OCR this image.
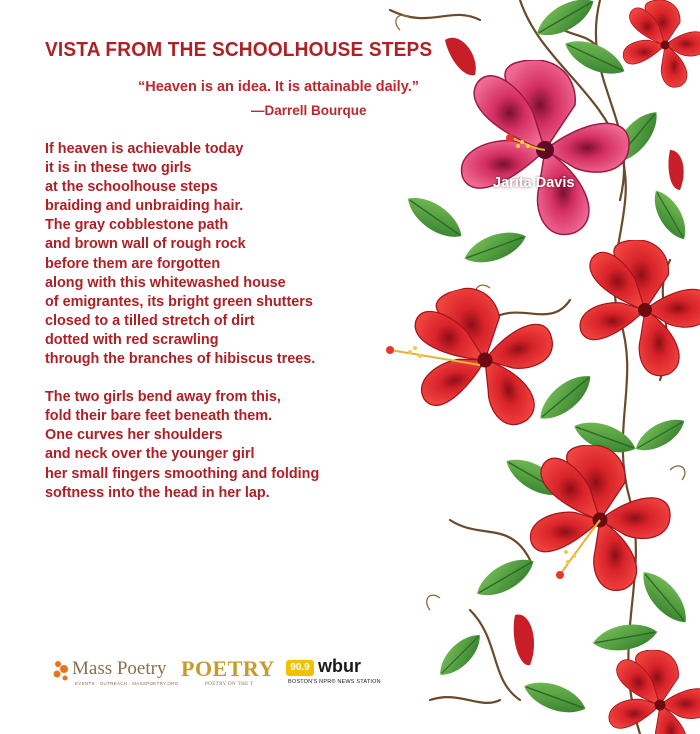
VISTA FROM THE SCHOOLHOUSE STEPS
“Heaven is an idea. It is attainable daily.”
—Darrell Bourque
If heaven is achievable today
it is in these two girls
at the schoolhouse steps
braiding and unbraiding hair.
The gray cobblestone path
and brown wall of rough rock
before them are forgotten
along with this whitewashed house
of emigrantes, its bright green shutters
closed to a tilled stretch of dirt
dotted with red scrawling
through the branches of hibiscus trees.
The two girls bend away from this,
fold their bare feet beneath them.
One curves her shoulders
and neck over the younger girl
her small fingers smoothing and folding
softness into the head in her lap.
Jarita Davis
Mass Poetry
EVENTS · OUTREACH · MASSPOETRY.ORG
POETRY
POETRY ON THE T
90.9 wbur
BOSTON'S NPR® NEWS STATION
